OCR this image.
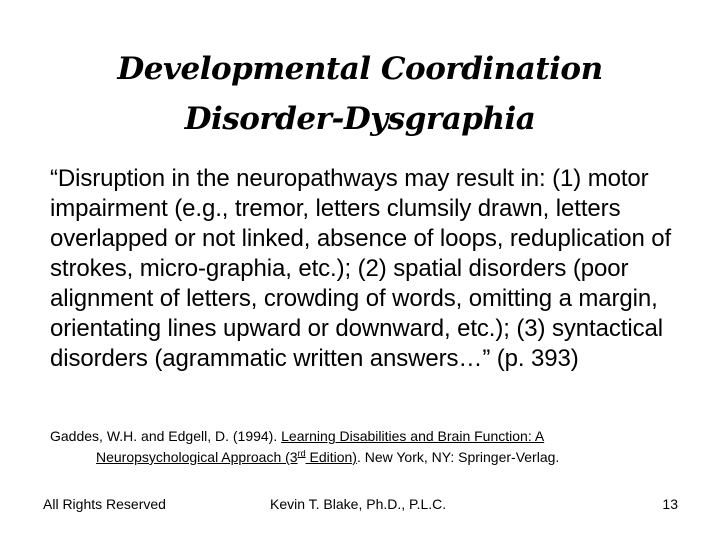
Developmental Coordination
Disorder-Dysgraphia
“Disruption in the neuropathways may result in: (1) motor impairment (e.g., tremor, letters clumsily drawn, letters overlapped or not linked, absence of loops, reduplication of strokes, micro-graphia, etc.); (2) spatial disorders (poor alignment of letters, crowding of words, omitting a margin, orientating lines upward or downward, etc.); (3) syntactical disorders (agrammatic written answers…” (p. 393)
Gaddes, W.H. and Edgell, D. (1994). Learning Disabilities and Brain Function: A
Neuropsychological Approach (3rd Edition). New York, NY: Springer-Verlag.
All Rights Reserved	Kevin T. Blake, Ph.D., P.L.C.	13
